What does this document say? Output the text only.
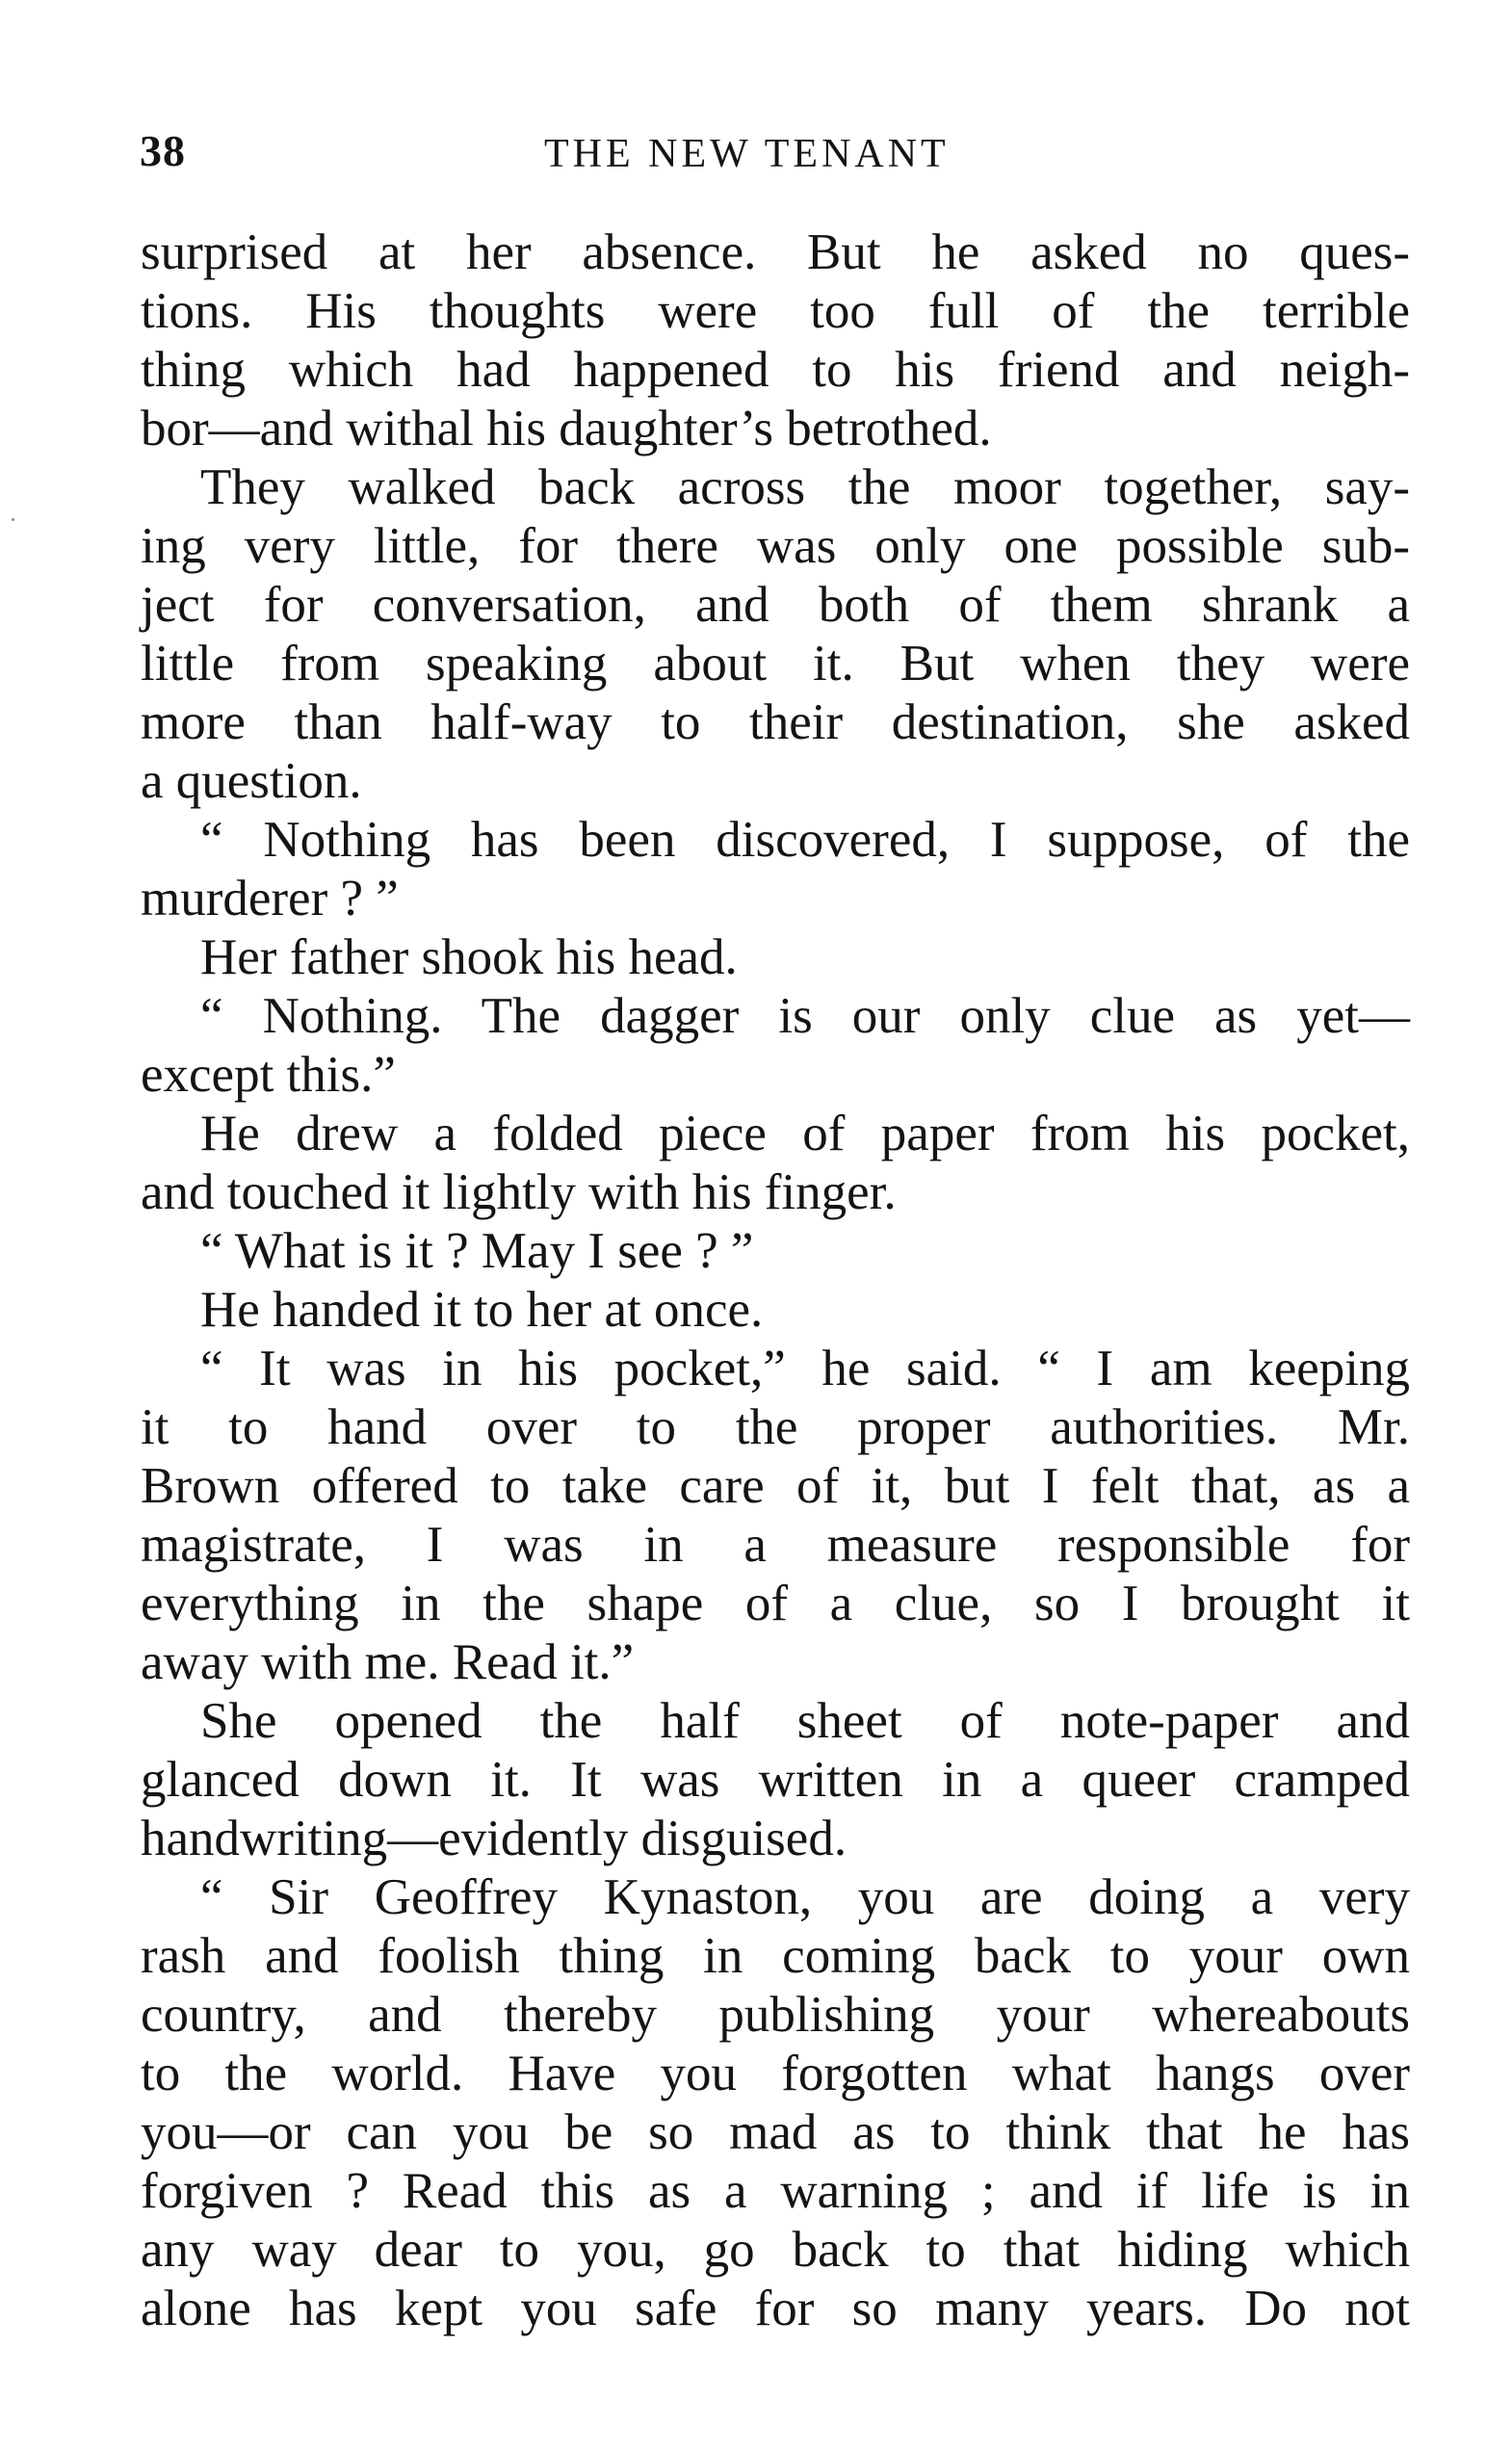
38	THE NEW TENANT
surprised at her absence. But he asked no ques-
tions. His thoughts were too full of the terrible
thing which had happened to his friend and neigh-
bor—and withal his daughter’s betrothed.
They walked back across the moor together, say-
ing very little, for there was only one possible sub-
ject for conversation, and both of them shrank a
little from speaking about it. But when they were
more than half-way to their destination, she asked
a question.
“ Nothing has been discovered, I suppose, of the
murderer ? ”
Her father shook his head.
“ Nothing. The dagger is our only clue as yet—
except this.”
He drew a folded piece of paper from his pocket,
and touched it lightly with his finger.
“ What is it ? May I see ? ”
He handed it to her at once.
“ It was in his pocket,” he said. “ I am keeping
it to hand over to the proper authorities. Mr.
Brown offered to take care of it, but I felt that, as a
magistrate, I was in a measure responsible for
everything in the shape of a clue, so I brought it
away with me. Read it.”
She opened the half sheet of note-paper and
glanced down it. It was written in a queer cramped
handwriting—evidently disguised.
“ Sir Geoffrey Kynaston, you are doing a very
rash and foolish thing in coming back to your own
country, and thereby publishing your whereabouts
to the world. Have you forgotten what hangs over
you—or can you be so mad as to think that he has
forgiven ? Read this as a warning ; and if life is in
any way dear to you, go back to that hiding which
alone has kept you safe for so many years. Do not
